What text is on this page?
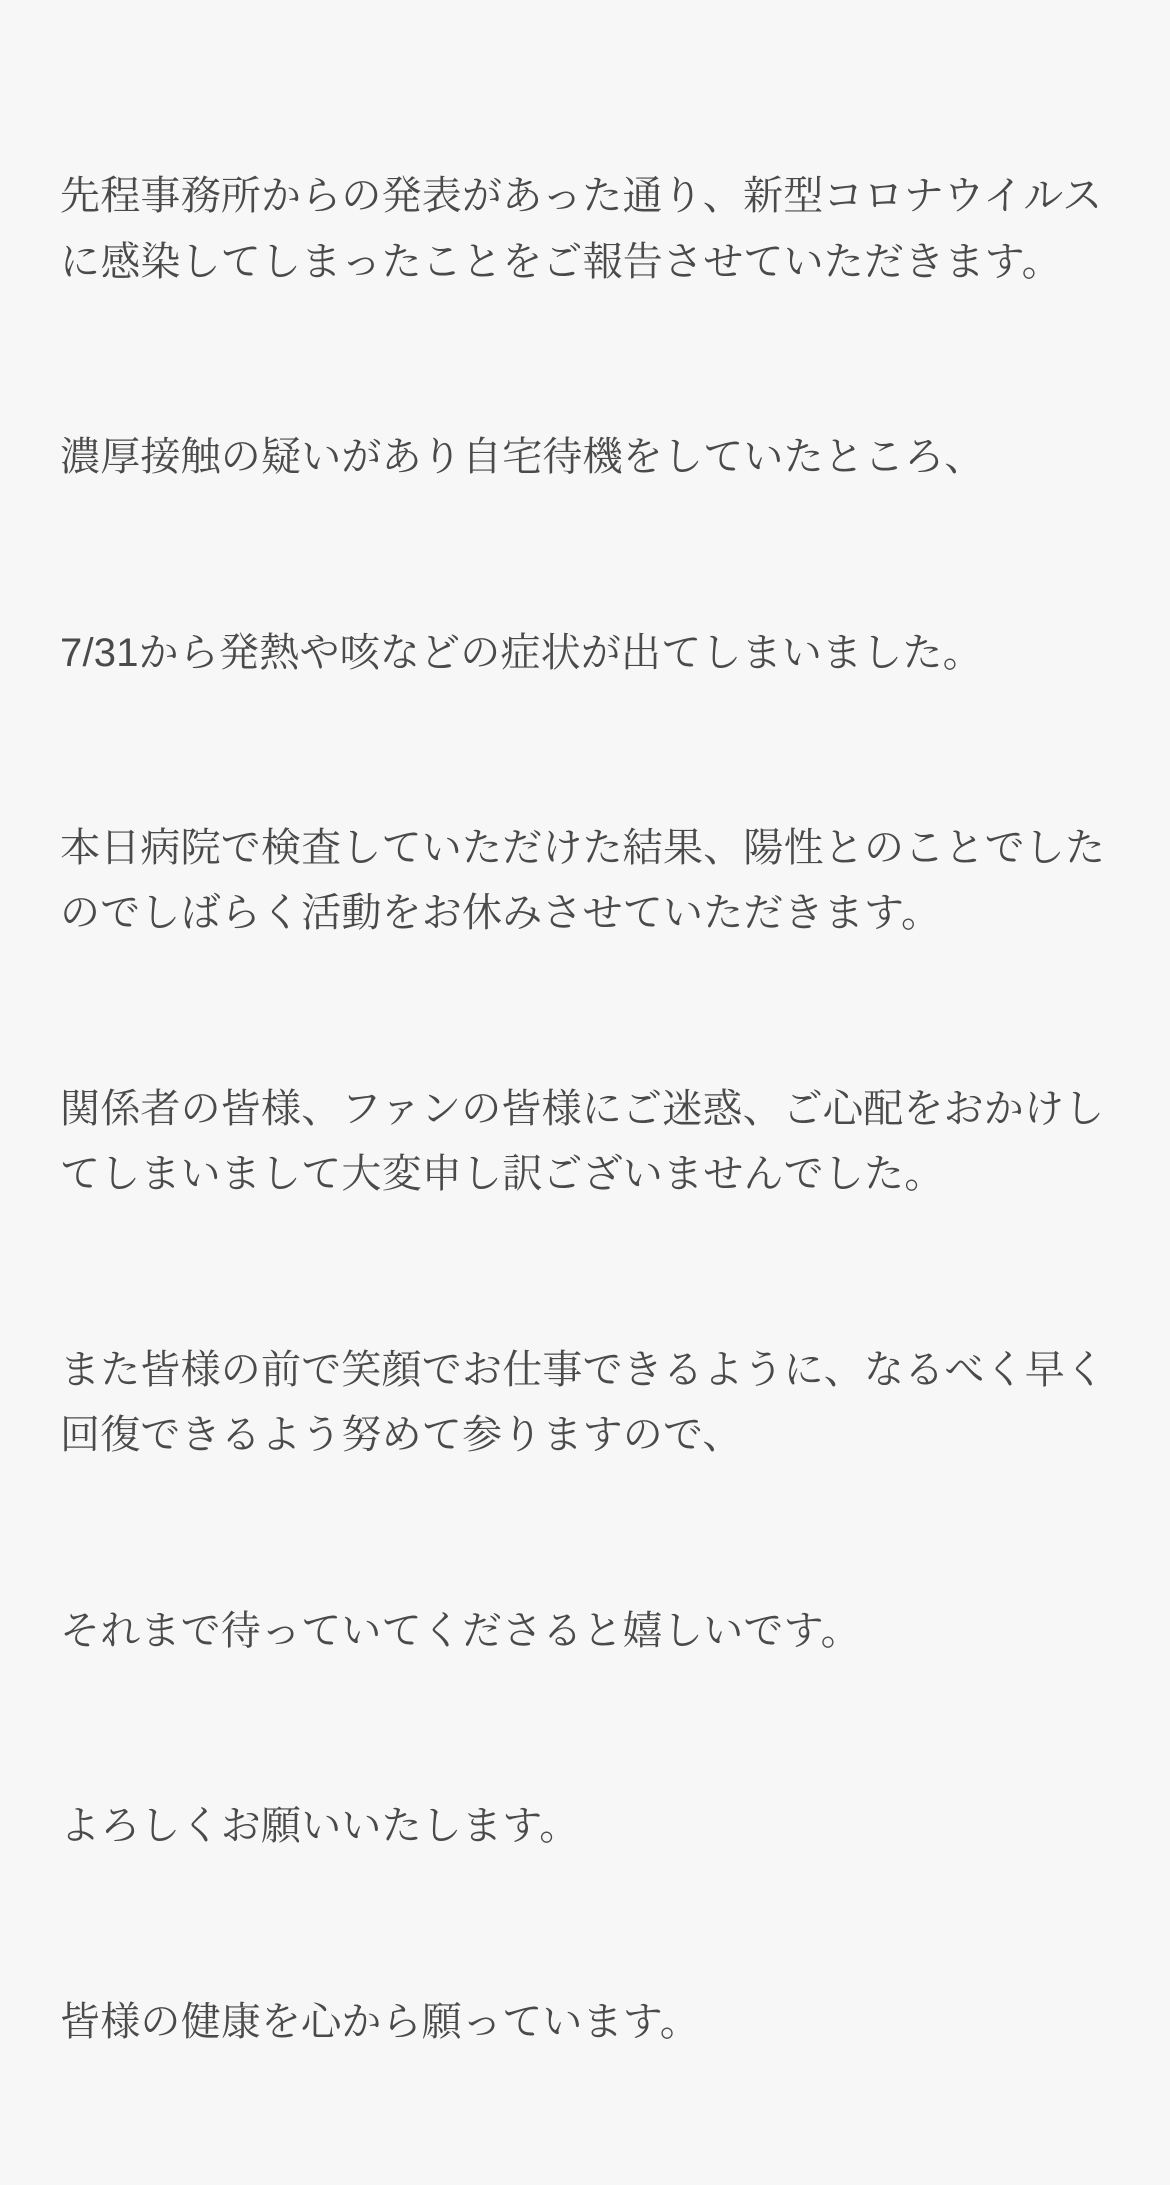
先程事務所からの発表があった通り、新型コロナウイルスに感染してしまったことをご報告させていただきます。

濃厚接触の疑いがあり自宅待機をしていたところ、

7/31から発熱や咳などの症状が出てしまいました。

本日病院で検査していただけた結果、陽性とのことでしたのでしばらく活動をお休みさせていただきます。

関係者の皆様、ファンの皆様にご迷惑、ご心配をおかけしてしまいまして大変申し訳ございませんでした。

また皆様の前で笑顔でお仕事できるように、なるべく早く回復できるよう努めて参りますので、

それまで待っていてくださると嬉しいです。

よろしくお願いいたします。

皆様の健康を心から願っています。
